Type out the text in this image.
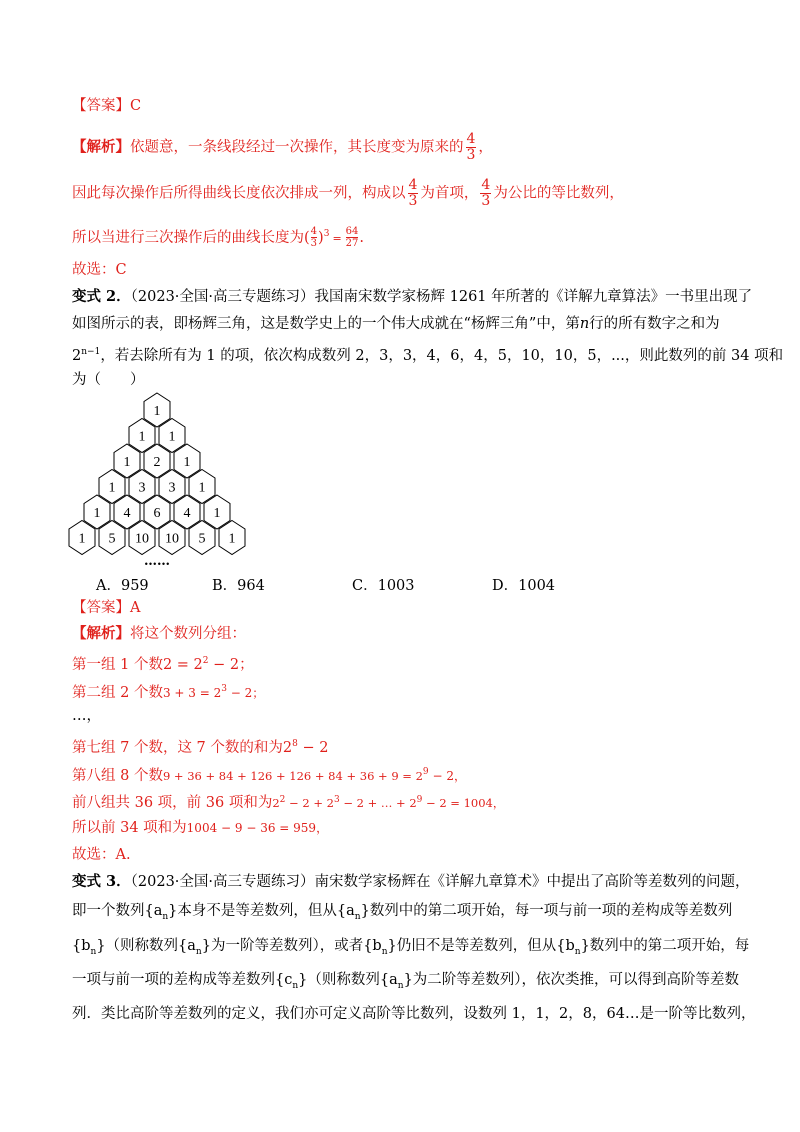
【答案】C
【解析】依题意，一条线段经过一次操作，其长度变为原来的 $\frac{4}{3}$ ，
因此每次操作后所得曲线长度依次排成一列，构成以 $\frac{4}{3}$ 为首项， $\frac{4}{3}$ 为公比的等比数列，
所以当进行三次操作后的曲线长度为( $\frac{4}{3} )^3 = \frac{64}{27}$ .
故选：C
变式 2．（2023·全国·高三专题练习）我国南宋数学家杨辉 1261 年所著的《详解九章算法》一书里出现了
如图所示的表，即杨辉三角，这是数学史上的一个伟大成就在“杨辉三角”中，第n行的所有数字之和为
$2^{n-1}$，若去除所有为 1 的项，依次构成数列 2，3，3，4，6，4，5，10，10，5，...，则此数列的前 34 项和
为（　　）
1
1 1
1 2 1
1 3 3 1
1 4 6 4 1
1 5 10 10 5 1
……
A．959	B．964	C．1003	D．1004
【答案】A
【解析】将这个数列分组：
第一组 1 个数$2 = 2^2 - 2$；
第二组 2 个数$3 + 3 = 2^3 - 2$；
…，
第七组 7 个数，这 7 个数的和为$2^8 - 2$
第八组 8 个数$9 + 36 + 84 + 126 + 126 + 84 + 36 + 9 = 2^9 - 2$，
前八组共 36 项，前 36 项和为$2^2 - 2 + 2^3 - 2$ + … + $2^9 - 2 = 1004$，
所以前 34 项和为1004 − 9 − 36 = 959，
故选：A.
变式 3．（2023·全国·高三专题练习）南宋数学家杨辉在《详解九章算术》中提出了高阶等差数列的问题，
即一个数列$\{a_n\}$本身不是等差数列，但从$\{a_n\}$数列中的第二项开始，每一项与前一项的差构成等差数列
$\{b_n\}$（则称数列$\{a_n\}$为一阶等差数列），或者$\{b_n\}$仍旧不是等差数列，但从$\{b_n\}$数列中的第二项开始，每
一项与前一项的差构成等差数列$\{c_n\}$（则称数列$\{a_n\}$为二阶等差数列），依次类推，可以得到高阶等差数
列．类比高阶等差数列的定义，我们亦可定义高阶等比数列，设数列 1，1，2，8，64…是一阶等比数列，
